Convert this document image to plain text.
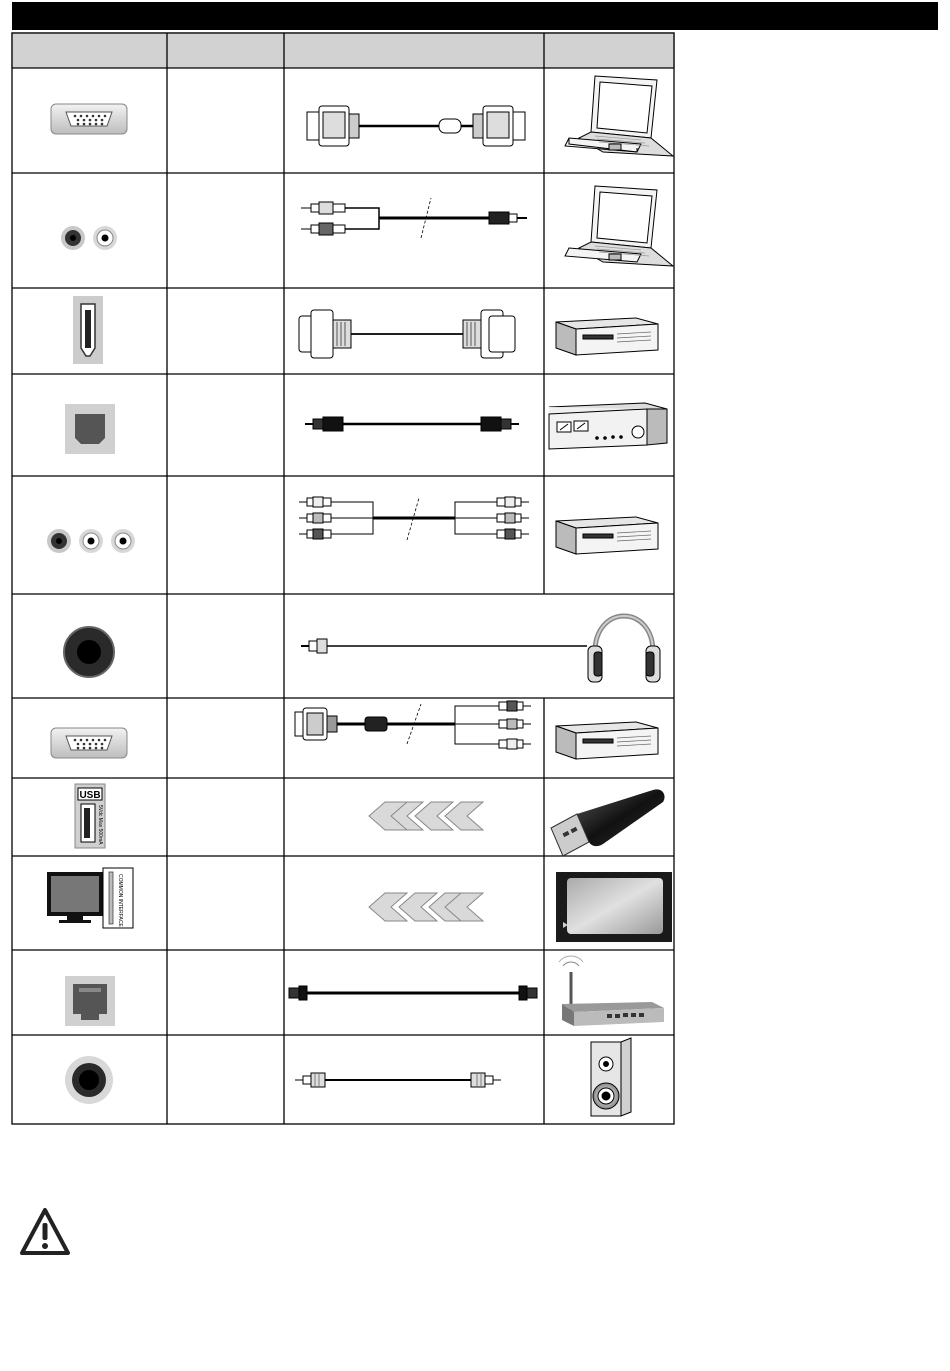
USB
5Vdc Max 500mA
COMMON INTERFACE
